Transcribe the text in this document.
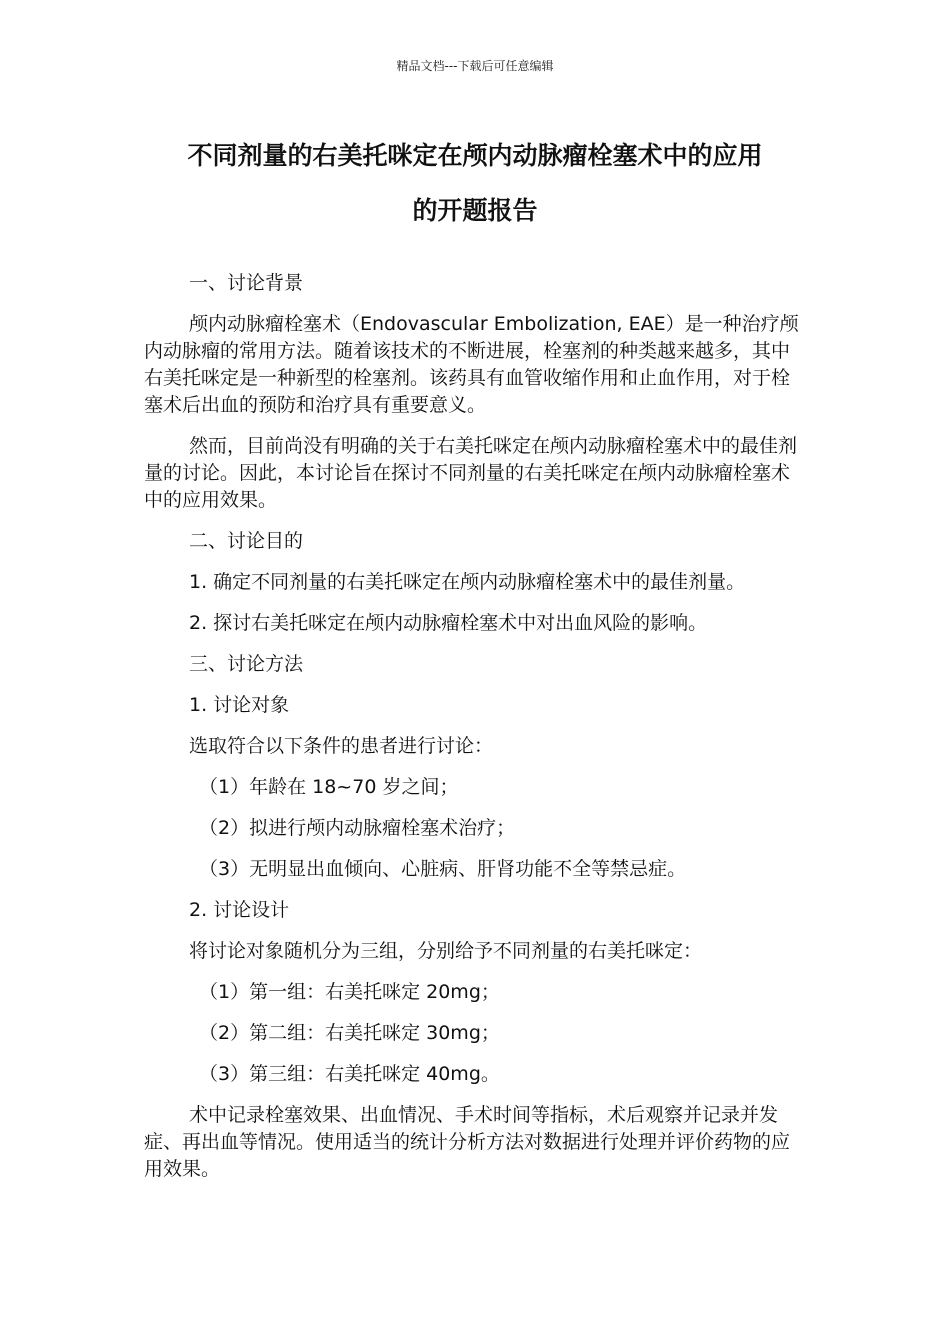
精品文档---下载后可任意编辑
不同剂量的右美托咪定在颅内动脉瘤栓塞术中的应用
的开题报告

一、讨论背景

颅内动脉瘤栓塞术（Endovascular Embolization, EAE）是一种治疗颅内动脉瘤的常用方法。随着该技术的不断进展，栓塞剂的种类越来越多，其中右美托咪定是一种新型的栓塞剂。该药具有血管收缩作用和止血作用，对于栓塞术后出血的预防和治疗具有重要意义。

然而，目前尚没有明确的关于右美托咪定在颅内动脉瘤栓塞术中的最佳剂量的讨论。因此，本讨论旨在探讨不同剂量的右美托咪定在颅内动脉瘤栓塞术中的应用效果。

二、讨论目的

1. 确定不同剂量的右美托咪定在颅内动脉瘤栓塞术中的最佳剂量。

2. 探讨右美托咪定在颅内动脉瘤栓塞术中对出血风险的影响。

三、讨论方法

1. 讨论对象

选取符合以下条件的患者进行讨论：

（1）年龄在 18~70 岁之间；

（2）拟进行颅内动脉瘤栓塞术治疗；

（3）无明显出血倾向、心脏病、肝肾功能不全等禁忌症。

2. 讨论设计

将讨论对象随机分为三组，分别给予不同剂量的右美托咪定：

（1）第一组：右美托咪定 20mg；

（2）第二组：右美托咪定 30mg；

（3）第三组：右美托咪定 40mg。

术中记录栓塞效果、出血情况、手术时间等指标，术后观察并记录并发症、再出血等情况。使用适当的统计分析方法对数据进行处理并评价药物的应用效果。
